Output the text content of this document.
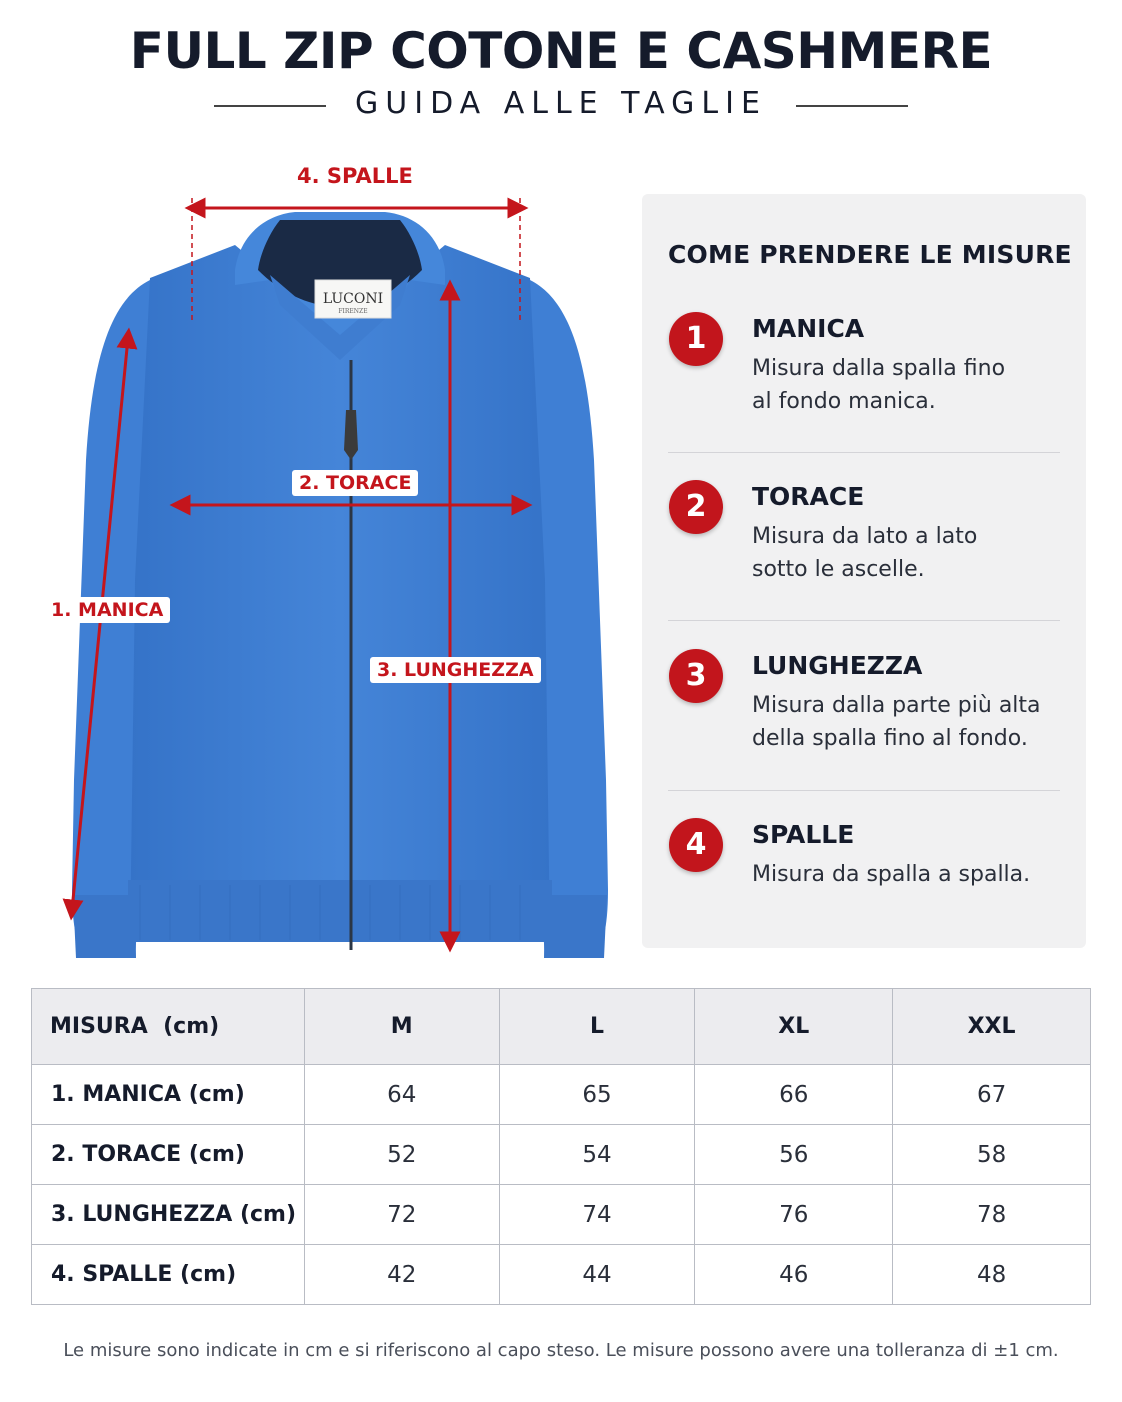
FULL ZIP COTONE E CASHMERE
GUIDA ALLE TAGLIE
LUCONI
FIRENZE
4. SPALLE
2. TORACE
1. MANICA
3. LUNGHEZZA
COME PRENDERE LE MISURE
1	MANICA
Misura dalla spalla fino
al fondo manica.
2	TORACE
Misura da lato a lato
sotto le ascelle.
3	LUNGHEZZA
Misura dalla parte più alta
della spalla fino al fondo.
4	SPALLE
Misura da spalla a spalla.
MISURA (cm)	M	L	XL	XXL
1. MANICA (cm)	64	65	66	67
2. TORACE (cm)	52	54	56	58
3. LUNGHEZZA (cm)	72	74	76	78
4. SPALLE (cm)	42	44	46	48
Le misure sono indicate in cm e si riferiscono al capo steso. Le misure possono avere una tolleranza di ±1 cm.
